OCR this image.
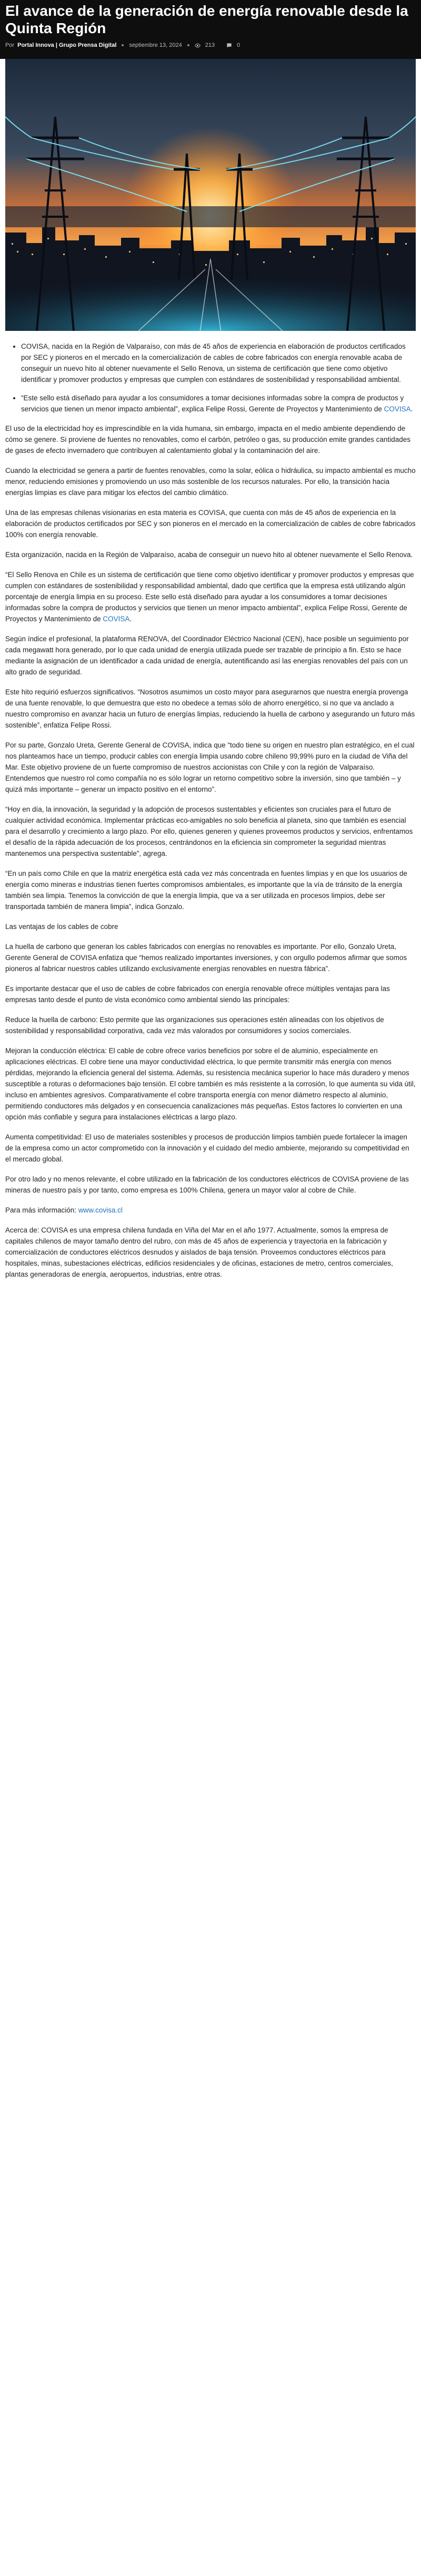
El avance de la generación de energía renovable desde la Quinta Región
Por Portal Innova | Grupo Prensa Digital septiembre 13, 2024	213	0
• COVISA, nacida en la Región de Valparaíso, con más de 45 años de experiencia en elaboración de productos certificados por SEC y pioneros en el mercado en la comercialización de cables de cobre fabricados con energía renovable acaba de conseguir un nuevo hito al obtener nuevamente el Sello Renova, un sistema de certificación que tiene como objetivo identificar y promover productos y empresas que cumplen con estándares de sostenibilidad y responsabilidad ambiental.
• “Este sello está diseñado para ayudar a los consumidores a tomar decisiones informadas sobre la compra de productos y servicios que tienen un menor impacto ambiental”, explica Felipe Rossi, Gerente de Proyectos y Mantenimiento de COVISA.

El uso de la electricidad hoy es imprescindible en la vida humana, sin embargo, impacta en el medio ambiente dependiendo de cómo se genere. Si proviene de fuentes no renovables, como el carbón, petróleo o gas, su producción emite grandes cantidades de gases de efecto invernadero que contribuyen al calentamiento global y la contaminación del aire.

Cuando la electricidad se genera a partir de fuentes renovables, como la solar, eólica o hidráulica, su impacto ambiental es mucho menor, reduciendo emisiones y promoviendo un uso más sostenible de los recursos naturales. Por ello, la transición hacia energías limpias es clave para mitigar los efectos del cambio climático.

Una de las empresas chilenas visionarias en esta materia es COVISA, que cuenta con más de 45 años de experiencia en la elaboración de productos certificados por SEC y son pioneros en el mercado en la comercialización de cables de cobre fabricados 100% con energía renovable.

Esta organización, nacida en la Región de Valparaíso, acaba de conseguir un nuevo hito al obtener nuevamente el Sello Renova.

“El Sello Renova en Chile es un sistema de certificación que tiene como objetivo identificar y promover productos y empresas que cumplen con estándares de sostenibilidad y responsabilidad ambiental, dado que certifica que la empresa está utilizando algún porcentaje de energía limpia en su proceso. Este sello está diseñado para ayudar a los consumidores a tomar decisiones informadas sobre la compra de productos y servicios que tienen un menor impacto ambiental”, explica Felipe Rossi, Gerente de Proyectos y Mantenimiento de COVISA.

Según índice el profesional, la plataforma RENOVA, del Coordinador Eléctrico Nacional (CEN), hace posible un seguimiento por cada megawatt hora generado, por lo que cada unidad de energía utilizada puede ser trazable de principio a fin. Esto se hace mediante la asignación de un identificador a cada unidad de energía, autentificando así las energías renovables del país con un alto grado de seguridad.

Este hito requirió esfuerzos significativos. “Nosotros asumimos un costo mayor para asegurarnos que nuestra energía provenga de una fuente renovable, lo que demuestra que esto no obedece a temas sólo de ahorro energético, si no que va anclado a nuestro compromiso en avanzar hacia un futuro de energías limpias, reduciendo la huella de carbono y asegurando un futuro más sostenible”, enfatiza Felipe Rossi.

Por su parte, Gonzalo Ureta, Gerente General de COVISA, indica que “todo tiene su origen en nuestro plan estratégico, en el cual nos planteamos hace un tiempo, producir cables con energía limpia usando cobre chileno 99,99% puro en la ciudad de Viña del Mar. Este objetivo proviene de un fuerte compromiso de nuestros accionistas con Chile y con la región de Valparaíso. Entendemos que nuestro rol como compañía no es sólo lograr un retorno competitivo sobre la inversión, sino que también – y quizá más importante – generar un impacto positivo en el entorno”.

“Hoy en día, la innovación, la seguridad y la adopción de procesos sustentables y eficientes son cruciales para el futuro de cualquier actividad económica. Implementar prácticas eco-amigables no solo beneficia al planeta, sino que también es esencial para el desarrollo y crecimiento a largo plazo. Por ello, quienes generen y quienes proveemos productos y servicios, enfrentamos el desafío de la rápida adecuación de los procesos, centrándonos en la eficiencia sin comprometer la seguridad mientras mantenemos una perspectiva sustentable”, agrega.

“En un país como Chile en que la matriz energética está cada vez más concentrada en fuentes limpias y en que los usuarios de energía como mineras e industrias tienen fuertes compromisos ambientales, es importante que la vía de tránsito de la energía también sea limpia. Tenemos la convicción de que la energía limpia, que va a ser utilizada en procesos limpios, debe ser transportada también de manera limpia”, indica Gonzalo.

Las ventajas de los cables de cobre

La huella de carbono que generan los cables fabricados con energías no renovables es importante. Por ello, Gonzalo Ureta, Gerente General de COVISA enfatiza que “hemos realizado importantes inversiones, y con orgullo podemos afirmar que somos pioneros al fabricar nuestros cables utilizando exclusivamente energías renovables en nuestra fábrica”.

Es importante destacar que el uso de cables de cobre fabricados con energía renovable ofrece múltiples ventajas para las empresas tanto desde el punto de vista económico como ambiental siendo las principales:

Reduce la huella de carbono: Esto permite que las organizaciones sus operaciones estén alineadas con los objetivos de sostenibilidad y responsabilidad corporativa, cada vez más valorados por consumidores y socios comerciales.

Mejoran la conducción eléctrica: El cable de cobre ofrece varios beneficios por sobre el de aluminio, especialmente en aplicaciones eléctricas. El cobre tiene una mayor conductividad eléctrica, lo que permite transmitir más energía con menos pérdidas, mejorando la eficiencia general del sistema. Además, su resistencia mecánica superior lo hace más duradero y menos susceptible a roturas o deformaciones bajo tensión. El cobre también es más resistente a la corrosión, lo que aumenta su vida útil, incluso en ambientes agresivos. Comparativamente el cobre transporta energía con menor diámetro respecto al aluminio, permitiendo conductores más delgados y en consecuencia canalizaciones más pequeñas. Estos factores lo convierten en una opción más confiable y segura para instalaciones eléctricas a largo plazo.

Aumenta competitividad: El uso de materiales sostenibles y procesos de producción limpios también puede fortalecer la imagen de la empresa como un actor comprometido con la innovación y el cuidado del medio ambiente, mejorando su competitividad en el mercado global.

Por otro lado y no menos relevante, el cobre utilizado en la fabricación de los conductores eléctricos de COVISA proviene de las mineras de nuestro país y por tanto, como empresa es 100% Chilena, genera un mayor valor al cobre de Chile.

Para más información: www.covisa.cl

Acerca de: COVISA es una empresa chilena fundada en Viña del Mar en el año 1977. Actualmente, somos la empresa de capitales chilenos de mayor tamaño dentro del rubro, con más de 45 años de experiencia y trayectoria en la fabricación y comercialización de conductores eléctricos desnudos y aislados de baja tensión. Proveemos conductores eléctricos para hospitales, minas, subestaciones eléctricas, edificios residenciales y de oficinas, estaciones de metro, centros comerciales, plantas generadoras de energía, aeropuertos, industrias, entre otras.
